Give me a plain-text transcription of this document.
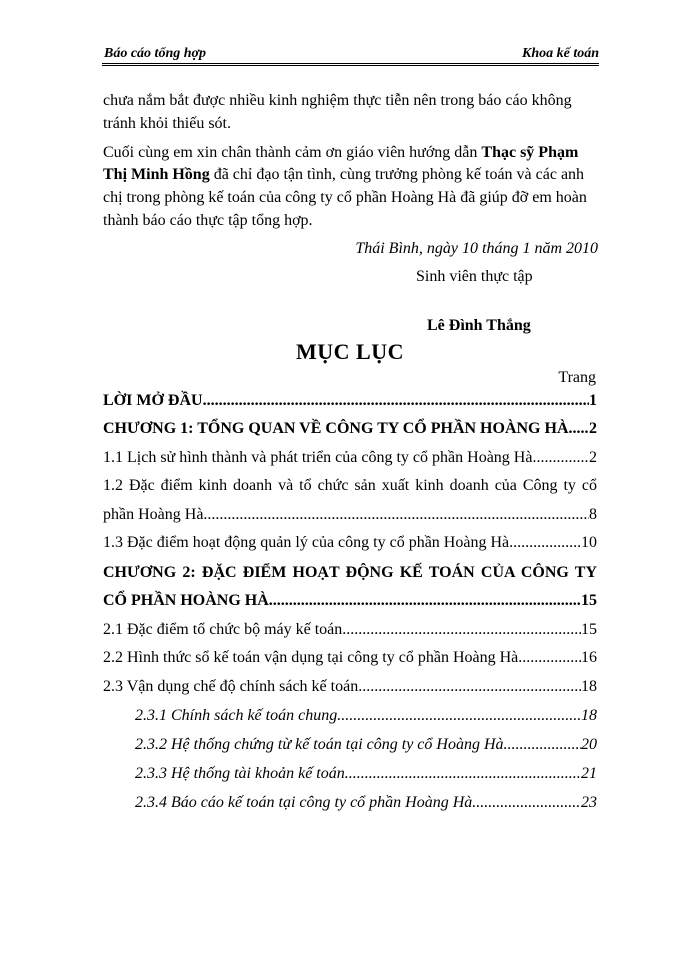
Báo cáo tổng hợp	Khoa kế toán
chưa nắm bắt được nhiều kinh nghiệm thực tiễn nên trong báo cáo không
tránh khỏi thiếu sót.
Cuối cùng em xin chân thành cảm ơn giáo viên hướng dẫn Thạc sỹ Phạm
Thị Minh Hồng đã chỉ đạo tận tình, cùng trưởng phòng kế toán và các anh
chị trong phòng kế toán của công ty cổ phần Hoàng Hà đã giúp đỡ em hoàn
thành báo cáo thực tập tổng hợp.
Thái Bình, ngày 10 tháng 1 năm 2010
Sinh viên thực tập
Lê Đình Thắng
MỤC LỤC
Trang
LỜI MỞ ĐẦU .....	1
CHƯƠNG 1: TỔNG QUAN VỀ CÔNG TY CỔ PHẦN HOÀNG HÀ ..... 2
1.1 Lịch sử hình thành và phát triển của công ty cổ phần Hoàng Hà .....	2
1.2 Đặc điểm kinh doanh và tổ chức sản xuất kinh doanh của Công ty cổ
phần Hoàng Hà. .....	8
1.3 Đặc điểm hoạt động quản lý của công ty cổ phần Hoàng Hà .....	10
CHƯƠNG 2: ĐẶC ĐIỂM HOẠT ĐỘNG KẾ TOÁN CỦA CÔNG TY
CỔ PHẦN HOÀNG HÀ .....	15
2.1 Đặc điểm tổ chức bộ máy kế toán .....	15
2.2 Hình thức sổ kế toán vận dụng tại công ty cổ phần Hoàng Hà .....	16
2.3 Vận dụng chế độ chính sách kế toán .....	18
2.3.1 Chính sách kế toán chung .....	18
2.3.2 Hệ thống chứng từ kế toán tại công ty cổ Hoàng Hà .....	20
2.3.3 Hệ thống tài khoản kế toán .....	21
2.3.4 Báo cáo kế toán tại công ty cổ phần Hoàng Hà .....	23
